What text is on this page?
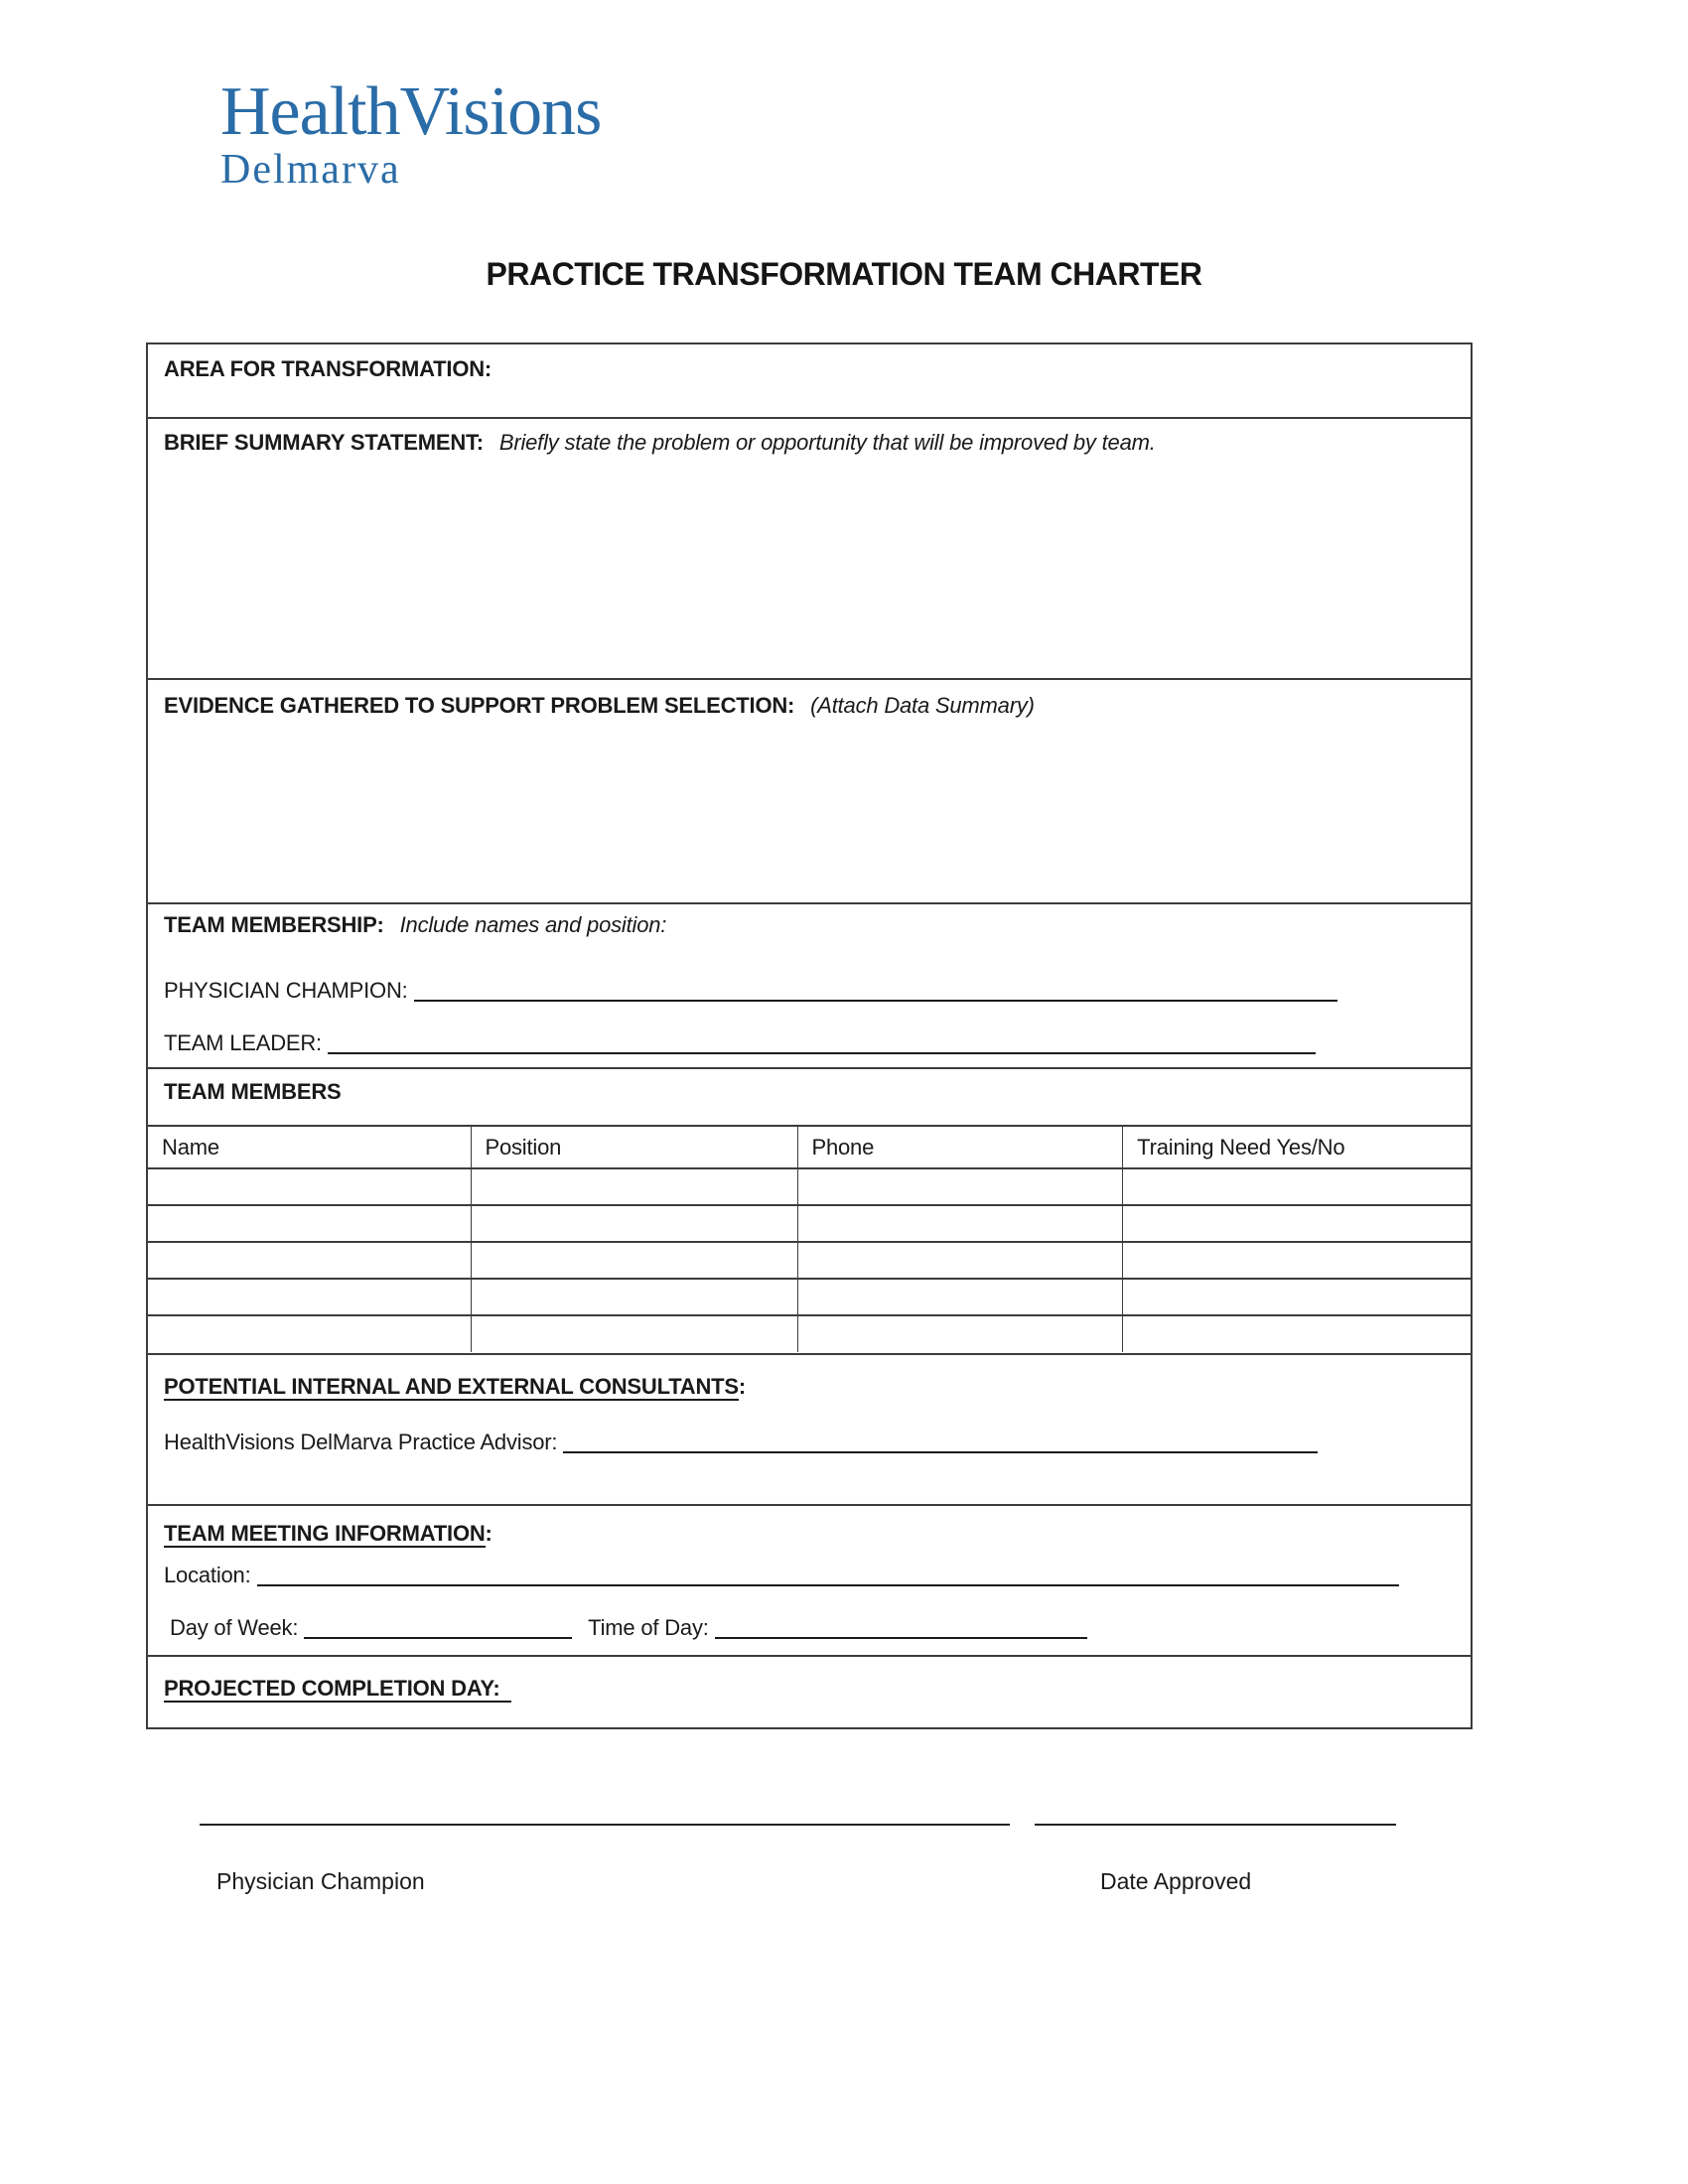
HealthVisions
Delmarva
PRACTICE TRANSFORMATION TEAM CHARTER
AREA FOR TRANSFORMATION:
BRIEF SUMMARY STATEMENT: Briefly state the problem or opportunity that will be improved by team.
EVIDENCE GATHERED TO SUPPORT PROBLEM SELECTION: (Attach Data Summary)
TEAM MEMBERSHIP: Include names and position:
PHYSICIAN CHAMPION:
TEAM LEADER:
TEAM MEMBERS
Name	Position	Phone	Training Need Yes/No

POTENTIAL INTERNAL AND EXTERNAL CONSULTANTS:
HealthVisions DelMarva Practice Advisor:
TEAM MEETING INFORMATION:
Location:
Day of Week:	Time of Day:
PROJECTED COMPLETION DAY:
Physician Champion	Date Approved
